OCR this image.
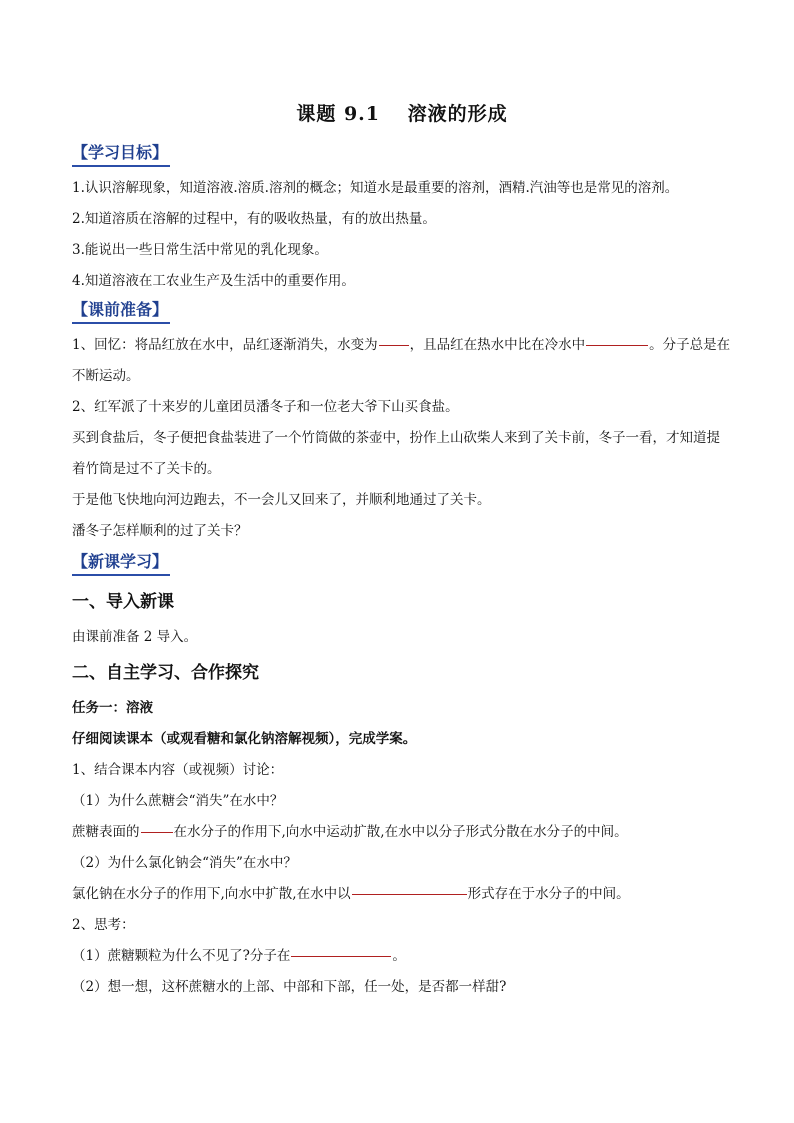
课题 9.1　 溶液的形成
【学习目标】

1.认识溶解现象，知道溶液.溶质.溶剂的概念；知道水是最重要的溶剂，酒精.汽油等也是常见的溶剂。

2.知道溶质在溶解的过程中，有的吸收热量，有的放出热量。

3.能说出一些日常生活中常见的乳化现象。

4.知道溶液在工农业生产及生活中的重要作用。

【课前准备】

1、回忆：将品红放在水中，品红逐渐消失，水变为 ，且品红在热水中比在冷水中	。分子总是在不断运动。

2、红军派了十来岁的儿童团员潘冬子和一位老大爷下山买食盐。

买到食盐后，冬子便把食盐装进了一个竹筒做的茶壶中，扮作上山砍柴人来到了关卡前，冬子一看，才知道提着竹筒是过不了关卡的。

于是他飞快地向河边跑去，不一会儿又回来了，并顺利地通过了关卡。

潘冬子怎样顺利的过了关卡？

【新课学习】
一、导入新课

由课前准备 2 导入。

二、自主学习、合作探究

任务一：溶液

仔细阅读课本（或观看糖和氯化钠溶解视频），完成学案。

1、结合课本内容（或视频）讨论：

（1）为什么蔗糖会“消失”在水中？

蔗糖表面的	在水分子的作用下,向水中运动扩散,在水中以分子形式分散在水分子的中间。

（2）为什么氯化钠会“消失”在水中？

氯化钠在水分子的作用下,向水中扩散,在水中以	形式存在于水分子的中间。

2、思考：

（1）蔗糖颗粒为什么不见了?分子在	。

（2）想一想，这杯蔗糖水的上部、中部和下部，任一处，是否都一样甜?
